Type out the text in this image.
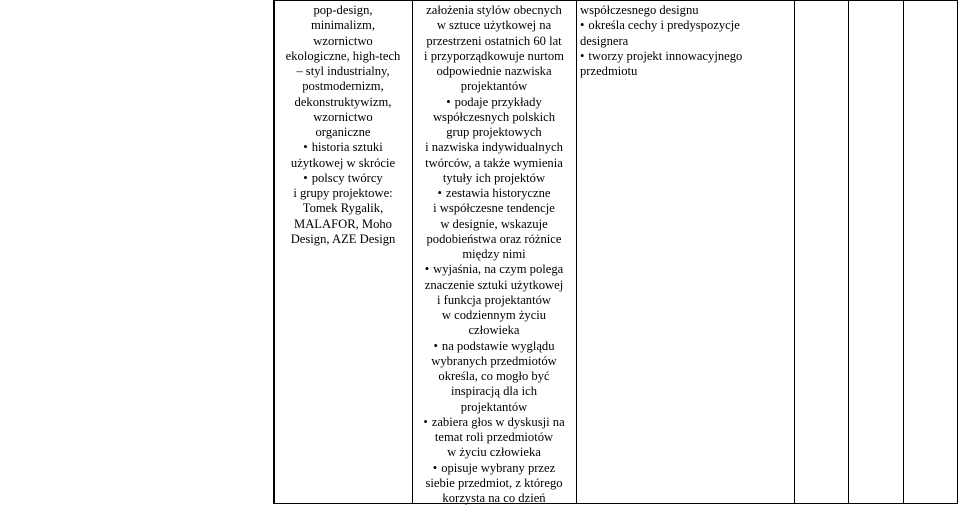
pop-design,
minimalizm,
wzornictwo
ekologiczne, high-tech
– styl industrialny,
postmodernizm,
dekonstruktywizm,
wzornictwo
organiczne
• historia sztuki
użytkowej w skrócie
• polscy twórcy
i grupy projektowe:
Tomek Rygalik,
MALAFOR, Moho
Design, AZE Design
założenia stylów obecnych
w sztuce użytkowej na
przestrzeni ostatnich 60 lat
i przyporządkowuje nurtom
odpowiednie nazwiska
projektantów
• podaje przykłady
współczesnych polskich
grup projektowych
i nazwiska indywidualnych
twórców, a także wymienia
tytuły ich projektów
• zestawia historyczne
i współczesne tendencje
w designie, wskazuje
podobieństwa oraz różnice
między nimi
• wyjaśnia, na czym polega
znaczenie sztuki użytkowej
i funkcja projektantów
w codziennym życiu
człowieka
• na podstawie wyglądu
wybranych przedmiotów
określa, co mogło być
inspiracją dla ich
projektantów
• zabiera głos w dyskusji na
temat roli przedmiotów
w życiu człowieka
• opisuje wybrany przez
siebie przedmiot, z którego
korzysta na co dzień
współczesnego designu
• określa cechy i predyspozycje
designera
• tworzy projekt innowacyjnego
przedmiotu
